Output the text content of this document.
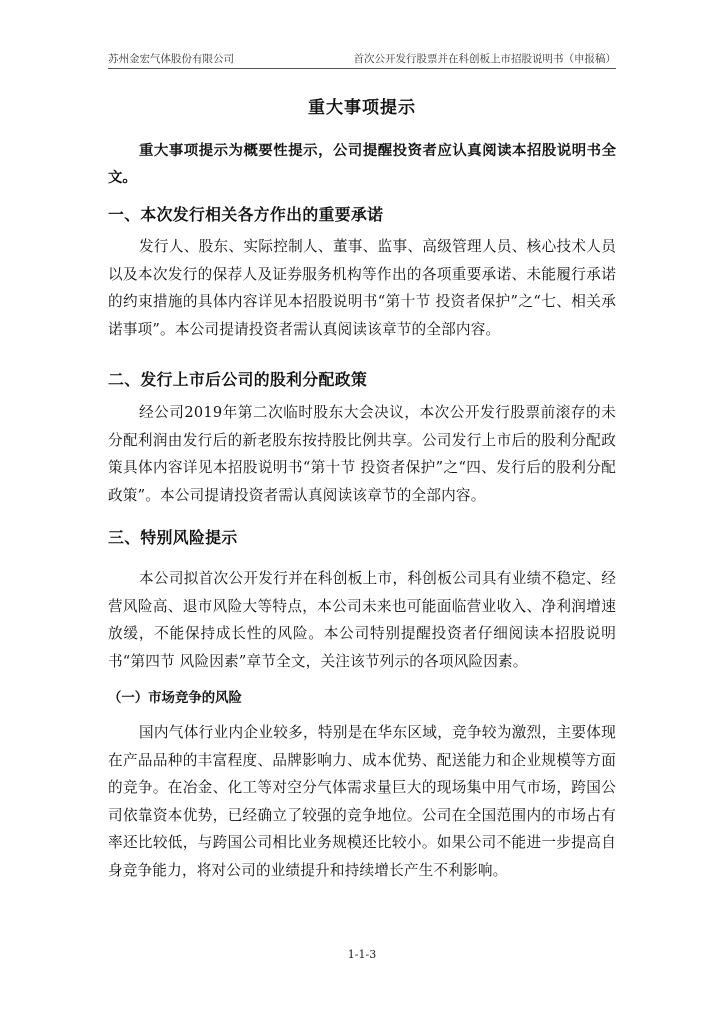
苏州金宏气体股份有限公司	首次公开发行股票并在科创板上市招股说明书（申报稿）
重大事项提示

重大事项提示为概要性提示，公司提醒投资者应认真阅读本招股说明书全文。

一、本次发行相关各方作出的重要承诺

发行人、股东、实际控制人、董事、监事、高级管理人员、核心技术人员以及本次发行的保荐人及证券服务机构等作出的各项重要承诺、未能履行承诺的约束措施的具体内容详见本招股说明书“第十节 投资者保护”之“七、相关承诺事项”。本公司提请投资者需认真阅读该章节的全部内容。

二、发行上市后公司的股利分配政策

经公司2019年第二次临时股东大会决议，本次公开发行股票前滚存的未分配利润由发行后的新老股东按持股比例共享。公司发行上市后的股利分配政策具体内容详见本招股说明书“第十节 投资者保护”之“四、发行后的股利分配政策”。本公司提请投资者需认真阅读该章节的全部内容。

三、特别风险提示

本公司拟首次公开发行并在科创板上市，科创板公司具有业绩不稳定、经营风险高、退市风险大等特点，本公司未来也可能面临营业收入、净利润增速放缓，不能保持成长性的风险。本公司特别提醒投资者仔细阅读本招股说明书“第四节 风险因素”章节全文，关注该节列示的各项风险因素。

（一）市场竞争的风险

国内气体行业内企业较多，特别是在华东区域，竞争较为激烈，主要体现在产品品种的丰富程度、品牌影响力、成本优势、配送能力和企业规模等方面的竞争。在冶金、化工等对空分气体需求量巨大的现场集中用气市场，跨国公司依靠资本优势，已经确立了较强的竞争地位。公司在全国范围内的市场占有率还比较低，与跨国公司相比业务规模还比较小。如果公司不能进一步提高自身竞争能力，将对公司的业绩提升和持续增长产生不利影响。

1-1-3
